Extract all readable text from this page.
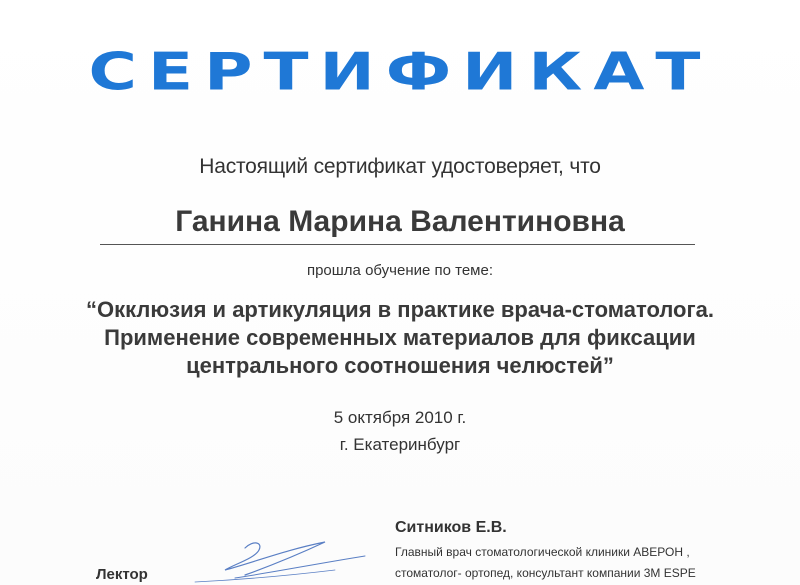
СЕРТИФИКАТ
Настоящий сертификат удостоверяет, что
Ганина Марина Валентиновна
прошла обучение по теме:
“Окклюзия и артикуляция в практике врача-стоматолога.
Применение современных материалов для фиксации
центрального соотношения челюстей”
5 октября 2010 г.
г. Екатеринбург
Ситников Е.В.
Главный врач стоматологической клиники АВЕРОН ,
стоматолог- ортопед, консультант компании 3M ESPE
Лектор
